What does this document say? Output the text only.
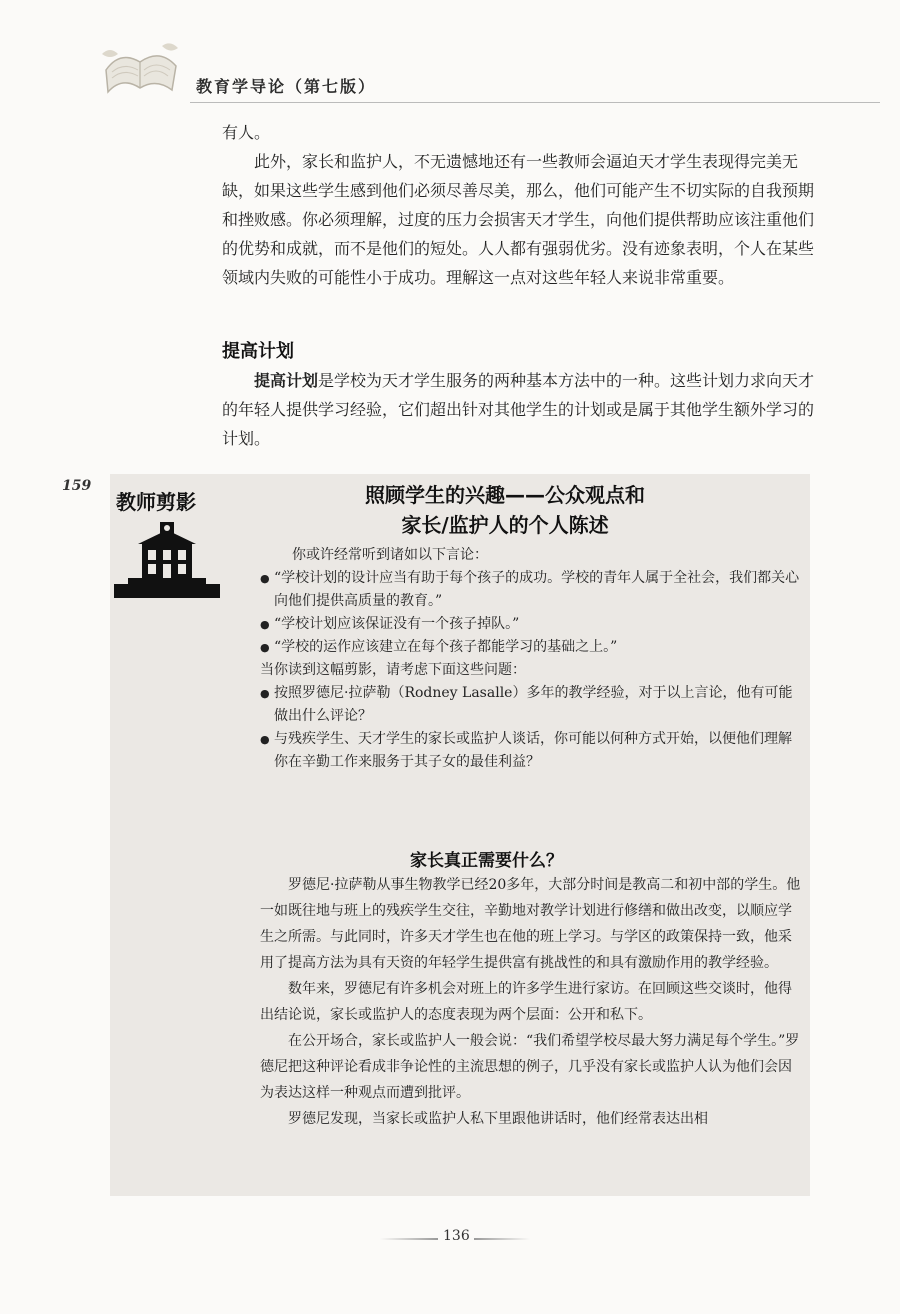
教育学导论（第七版）

有人。

此外，家长和监护人，不无遗憾地还有一些教师会逼迫天才学生表现得完美无缺，如果这些学生感到他们必须尽善尽美，那么，他们可能产生不切实际的自我预期和挫败感。你必须理解，过度的压力会损害天才学生，向他们提供帮助应该注重他们的优势和成就，而不是他们的短处。人人都有强弱优劣。没有迹象表明，个人在某些领域内失败的可能性小于成功。理解这一点对这些年轻人来说非常重要。

提高计划

提高计划是学校为天才学生服务的两种基本方法中的一种。这些计划力求向天才的年轻人提供学习经验，它们超出针对其他学生的计划或是属于其他学生额外学习的计划。

159
教师剪影	照顾学生的兴趣——公众观点和
家长/监护人的个人陈述

你或许经常听到诸如以下言论：

● “学校计划的设计应当有助于每个孩子的成功。学校的青年人属于全社会，我们都关心向他们提供高质量的教育。”
● “学校计划应该保证没有一个孩子掉队。”
● “学校的运作应该建立在每个孩子都能学习的基础之上。”

当你读到这幅剪影，请考虑下面这些问题：

● 按照罗德尼·拉萨勒（Rodney Lasalle）多年的教学经验，对于以上言论，他有可能做出什么评论？
● 与残疾学生、天才学生的家长或监护人谈话，你可能以何种方式开始，以便他们理解你在辛勤工作来服务于其子女的最佳利益？
家长真正需要什么？

罗德尼·拉萨勒从事生物教学已经20多年，大部分时间是教高二和初中部的学生。他一如既往地与班上的残疾学生交往，辛勤地对教学计划进行修缮和做出改变，以顺应学生之所需。与此同时，许多天才学生也在他的班上学习。与学区的政策保持一致，他采用了提高方法为具有天资的年轻学生提供富有挑战性的和具有激励作用的教学经验。

数年来，罗德尼有许多机会对班上的许多学生进行家访。在回顾这些交谈时，他得出结论说，家长或监护人的态度表现为两个层面：公开和私下。

在公开场合，家长或监护人一般会说：“我们希望学校尽最大努力满足每个学生。”罗德尼把这种评论看成非争论性的主流思想的例子，几乎没有家长或监护人认为他们会因为表达这样一种观点而遭到批评。

罗德尼发现，当家长或监护人私下里跟他讲话时，他们经常表达出相

136
